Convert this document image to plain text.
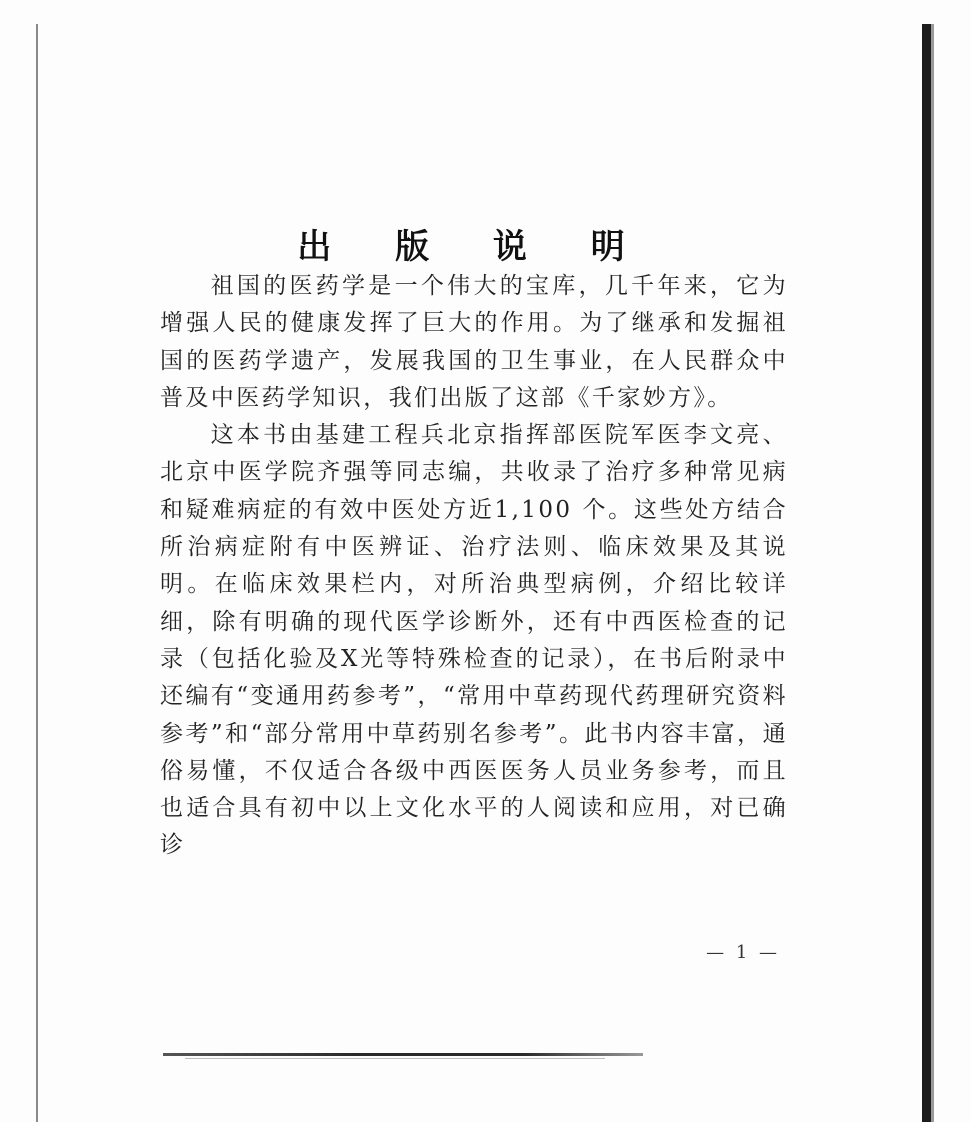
出 版 说 明

祖国的医药学是一个伟大的宝库，几千年来，它为增强人民的健康发挥了巨大的作用。为了继承和发掘祖国的医药学遗产，发展我国的卫生事业，在人民群众中普及中医药学知识，我们出版了这部《千家妙方》。

这本书由基建工程兵北京指挥部医院军医李文亮、北京中医学院齐强等同志编，共收录了治疗多种常见病和疑难病症的有效中医处方近1,100 个。这些处方结合所治病症附有中医辨证、治疗法则、临床效果及其说明。在临床效果栏内，对所治典型病例，介绍比较详细，除有明确的现代医学诊断外，还有中西医检查的记录（包括化验及X光等特殊检查的记录），在书后附录中还编有“变通用药参考”，“常用中草药现代药理研究资料参考”和“部分常用中草药别名参考”。此书内容丰富，通俗易懂，不仅适合各级中西医医务人员业务参考，而且也适合具有初中以上文化水平的人阅读和应用，对已确诊

— 1 —
